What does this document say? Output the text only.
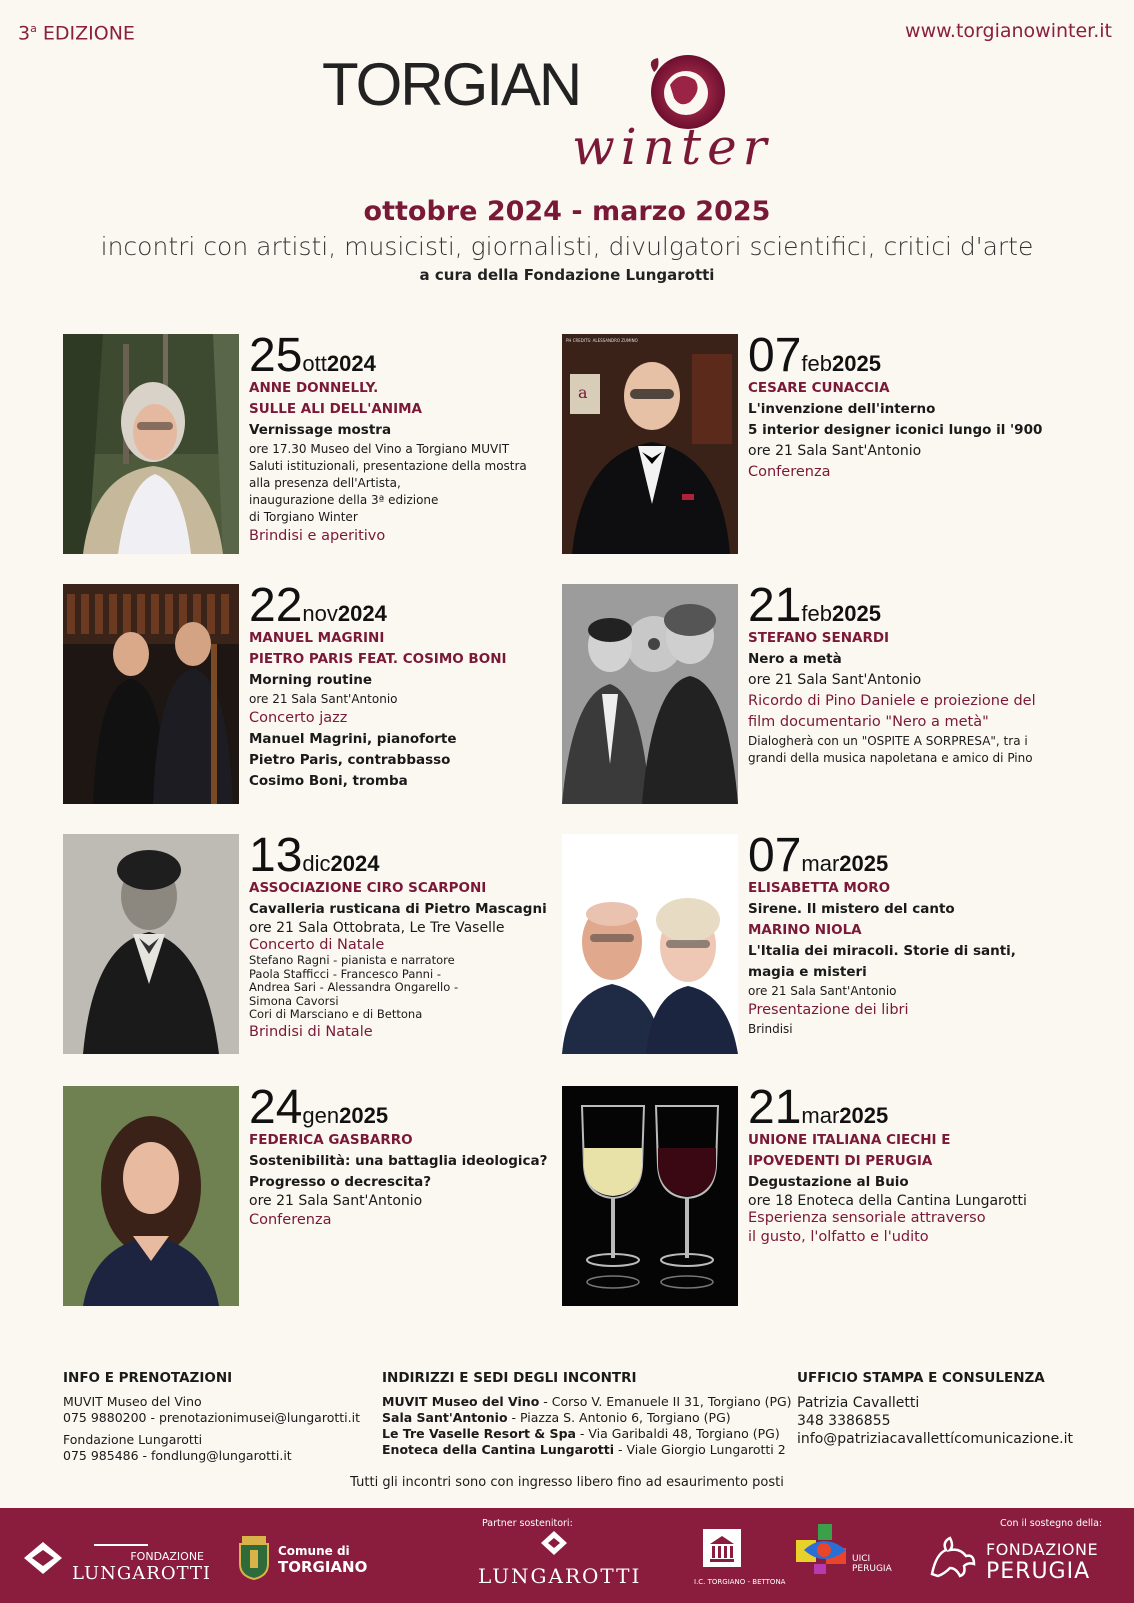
3$^a$ EDIZIONE	www.torgianowinter.it
TORGIAN
winter
ottobre 2024 - marzo 2025
incontri con artisti, musicisti, giornalisti, divulgatori scientifici, critici d'arte
a cura della Fondazione Lungarotti
25ott2024
ANNE DONNELLY.
SULLE ALI DELL'ANIMA
Vernissage mostra
ore 17.30 Museo del Vino a Torgiano MUVIT
Saluti istituzionali, presentazione della mostra
alla presenza dell'Artista,
inaugurazione della 3ª edizione
di Torgiano Winter
Brindisi e aperitivo
a
PH CREDITS: ALESSANDRO ZUMINO 07feb2025
CESARE CUNACCIA
L'invenzione dell'interno
5 interior designer iconici lungo il '900
ore 21 Sala Sant'Antonio
Conferenza
22nov2024
MANUEL MAGRINI
PIETRO PARIS FEAT. COSIMO BONI
Morning routine
ore 21 Sala Sant'Antonio
Concerto jazz
Manuel Magrini, pianoforte
Pietro Paris, contrabbasso
Cosimo Boni, tromba
21feb2025
STEFANO SENARDI
Nero a metà
ore 21 Sala Sant'Antonio
Ricordo di Pino Daniele e proiezione del
film documentario "Nero a metà"
Dialogherà con un "OSPITE A SORPRESA", tra i
grandi della musica napoletana e amico di Pino
13dic2024
ASSOCIAZIONE CIRO SCARPONI
Cavalleria rusticana di Pietro Mascagni
ore 21 Sala Ottobrata, Le Tre Vaselle
Concerto di Natale
Stefano Ragni - pianista e narratore
Paola Stafficci - Francesco Panni -
Andrea Sari - Alessandra Ongarello -
Simona Cavorsi
Cori di Marsciano e di Bettona
Brindisi di Natale
07mar2025
ELISABETTA MORO
Sirene. Il mistero del canto
MARINO NIOLA
L'Italia dei miracoli. Storie di santi,
magia e misteri
ore 21 Sala Sant'Antonio
Presentazione dei libri
Brindisi
24gen2025
FEDERICA GASBARRO
Sostenibilità: una battaglia ideologica?
Progresso o decrescita?
ore 21 Sala Sant'Antonio
Conferenza
21mar2025
UNIONE ITALIANA CIECHI E
IPOVEDENTI DI PERUGIA
Degustazione al Buio
ore 18 Enoteca della Cantina Lungarotti
Esperienza sensoriale attraverso
il gusto, l'olfatto e l'udito
INFO E PRENOTAZIONI
MUVIT Museo del Vino
075 9880200 - prenotazionimusei@lungarotti.it
Fondazione Lungarotti
075 985486 - fondlung@lungarotti.it
INDIRIZZI E SEDI DEGLI INCONTRI
MUVIT Museo del Vino - Corso V. Emanuele II 31, Torgiano (PG)
Sala Sant'Antonio - Piazza S. Antonio 6, Torgiano (PG)
Le Tre Vaselle Resort & Spa - Via Garibaldi 48, Torgiano (PG)
Enoteca della Cantina Lungarotti - Viale Giorgio Lungarotti 2
UFFICIO STAMPA E CONSULENZA
Patrizia Cavalletti
348 3386855
info@patriziacavallettícomunicazione.it
Tutti gli incontri sono con ingresso libero fino ad esaurimento posti
Partner sostenitori:	Con il sostegno della:
FONDAZIONE
LUNGAROTTI
Comune di
TORGIANO	LUNGAROTTI	I.C. TORGIANO - BETTONA
UICI
PERUGIA
FONDAZIONE
PERUGIA
